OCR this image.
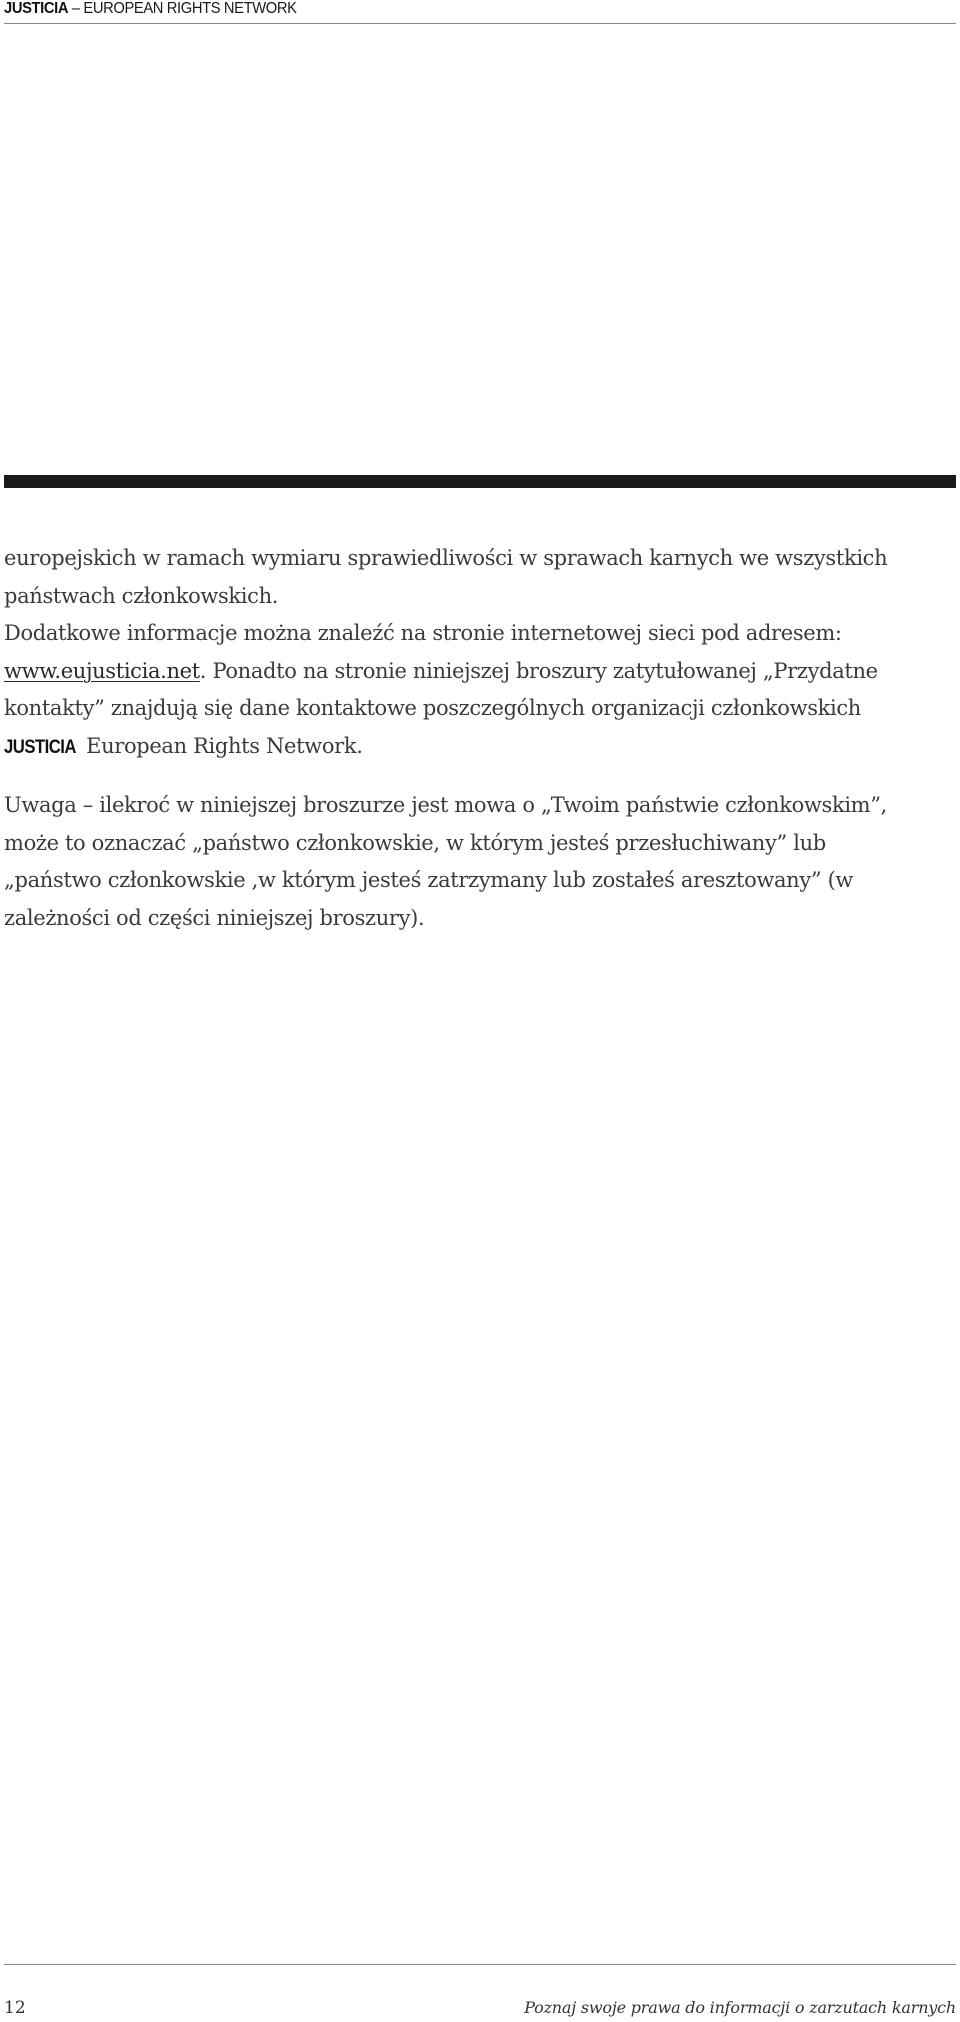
JUSTICIA – EUROPEAN RIGHTS NETWORK

europejskich w ramach wymiaru sprawiedliwości w sprawach karnych we wszystkich
państwach członkowskich.
Dodatkowe informacje można znaleźć na stronie internetowej sieci pod adresem:
www.eujusticia.net. Ponadto na stronie niniejszej broszury zatytułowanej „Przydatne
kontakty” znajdują się dane kontaktowe poszczególnych organizacji członkowskich
JUSTICIA European Rights Network.

Uwaga – ilekroć w niniejszej broszurze jest mowa o „Twoim państwie członkowskim”,
może to oznaczać „państwo członkowskie, w którym jesteś przesłuchiwany” lub
„państwo członkowskie ,w którym jesteś zatrzymany lub zostałeś aresztowany” (w
zależności od części niniejszej broszury).

12	Poznaj swoje prawa do informacji o zarzutach karnych
